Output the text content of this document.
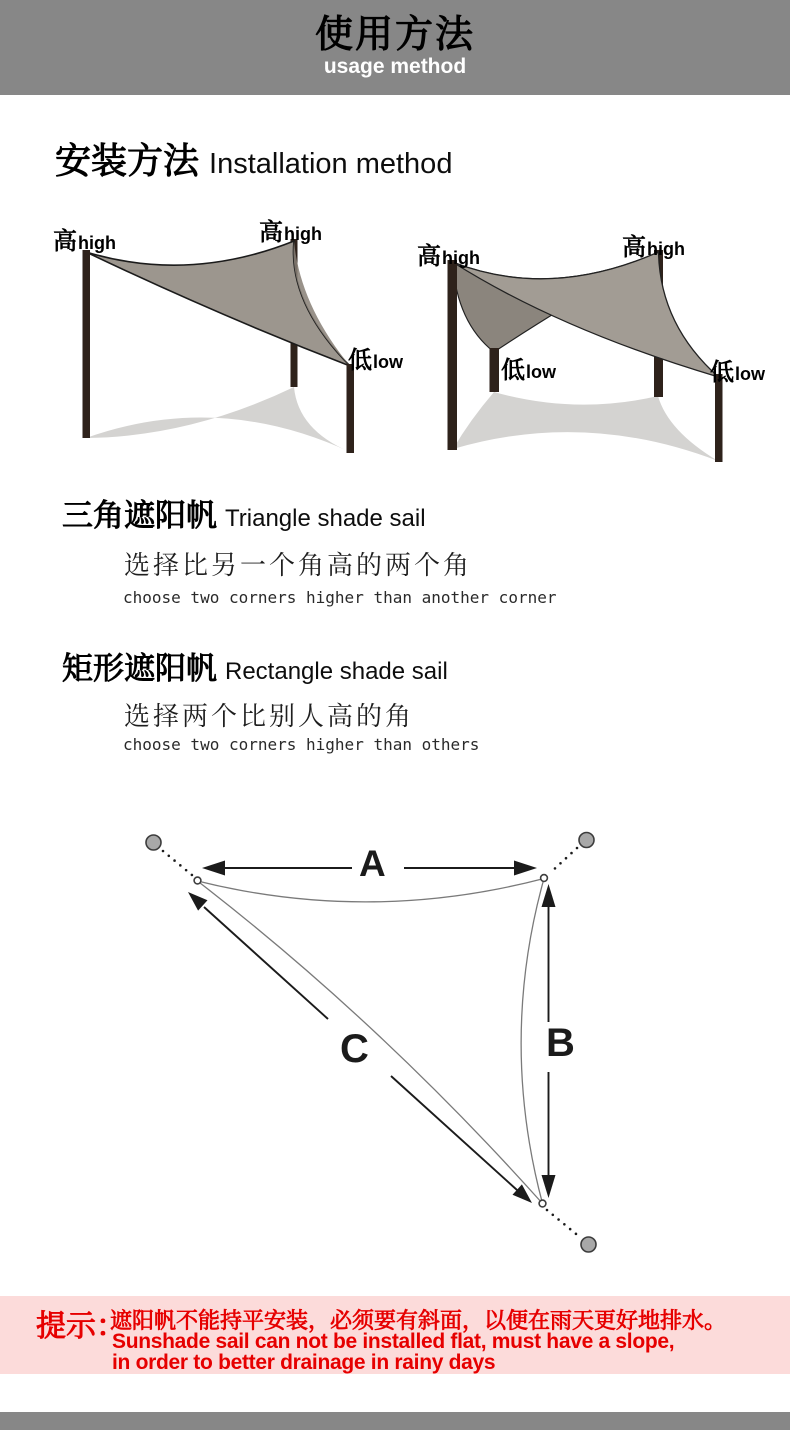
使用方法
usage method
安装方法 Installation method
高high	高high
低low
高high	高high
低low	低low
三角遮阳帆 Triangle shade sail
选择比另一个角高的两个角
choose two corners higher than another corner
矩形遮阳帆 Rectangle shade sail
选择两个比别人高的角
choose two corners higher than others
A
B
C
提示：
遮阳帆不能持平安装，必须要有斜面，以便在雨天更好地排水。
Sunshade sail can not be installed flat, must have a slope,
in order to better drainage in rainy days
